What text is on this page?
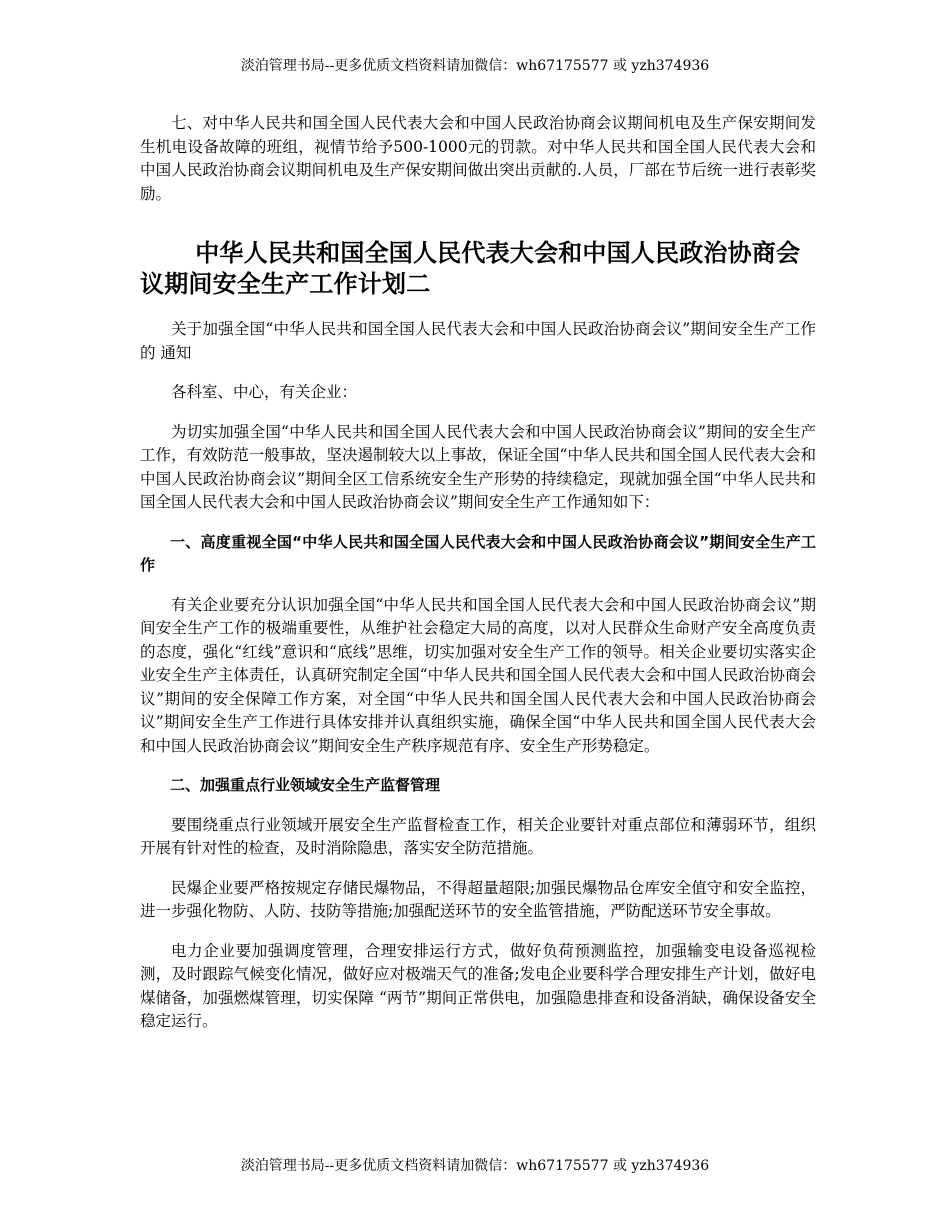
淡泊管理书局--更多优质文档资料请加微信：wh67175577 或 yzh374936

七、对中华人民共和国全国人民代表大会和中国人民政治协商会议期间机电及生产保安期间发生机电设备故障的班组，视情节给予500-1000元的罚款。对中华人民共和国全国人民代表大会和中国人民政治协商会议期间机电及生产保安期间做出突出贡献的.人员，厂部在节后统一进行表彰奖励。

中华人民共和国全国人民代表大会和中国人民政治协商会议期间安全生产工作计划二

关于加强全国“中华人民共和国全国人民代表大会和中国人民政治协商会议”期间安全生产工作的 通知

各科室、中心，有关企业：

为切实加强全国“中华人民共和国全国人民代表大会和中国人民政治协商会议”期间的安全生产工作，有效防范一般事故，坚决遏制较大以上事故，保证全国“中华人民共和国全国人民代表大会和中国人民政治协商会议”期间全区工信系统安全生产形势的持续稳定，现就加强全国“中华人民共和国全国人民代表大会和中国人民政治协商会议”期间安全生产工作通知如下：

一、高度重视全国“中华人民共和国全国人民代表大会和中国人民政治协商会议”期间安全生产工作

有关企业要充分认识加强全国“中华人民共和国全国人民代表大会和中国人民政治协商会议”期间安全生产工作的极端重要性，从维护社会稳定大局的高度，以对人民群众生命财产安全高度负责的态度，强化“红线”意识和“底线”思维，切实加强对安全生产工作的领导。相关企业要切实落实企业安全生产主体责任，认真研究制定全国“中华人民共和国全国人民代表大会和中国人民政治协商会议”期间的安全保障工作方案，对全国“中华人民共和国全国人民代表大会和中国人民政治协商会议”期间安全生产工作进行具体安排并认真组织实施，确保全国“中华人民共和国全国人民代表大会和中国人民政治协商会议”期间安全生产秩序规范有序、安全生产形势稳定。

二、加强重点行业领域安全生产监督管理

要围绕重点行业领域开展安全生产监督检查工作，相关企业要针对重点部位和薄弱环节，组织开展有针对性的检查，及时消除隐患，落实安全防范措施。

民爆企业要严格按规定存储民爆物品，不得超量超限;加强民爆物品仓库安全值守和安全监控，进一步强化物防、人防、技防等措施;加强配送环节的安全监管措施，严防配送环节安全事故。

电力企业要加强调度管理，合理安排运行方式，做好负荷预测监控，加强输变电设备巡视检测，及时跟踪气候变化情况，做好应对极端天气的准备;发电企业要科学合理安排生产计划，做好电煤储备，加强燃煤管理，切实保障 “两节”期间正常供电，加强隐患排查和设备消缺，确保设备安全稳定运行。

淡泊管理书局--更多优质文档资料请加微信：wh67175577 或 yzh374936
